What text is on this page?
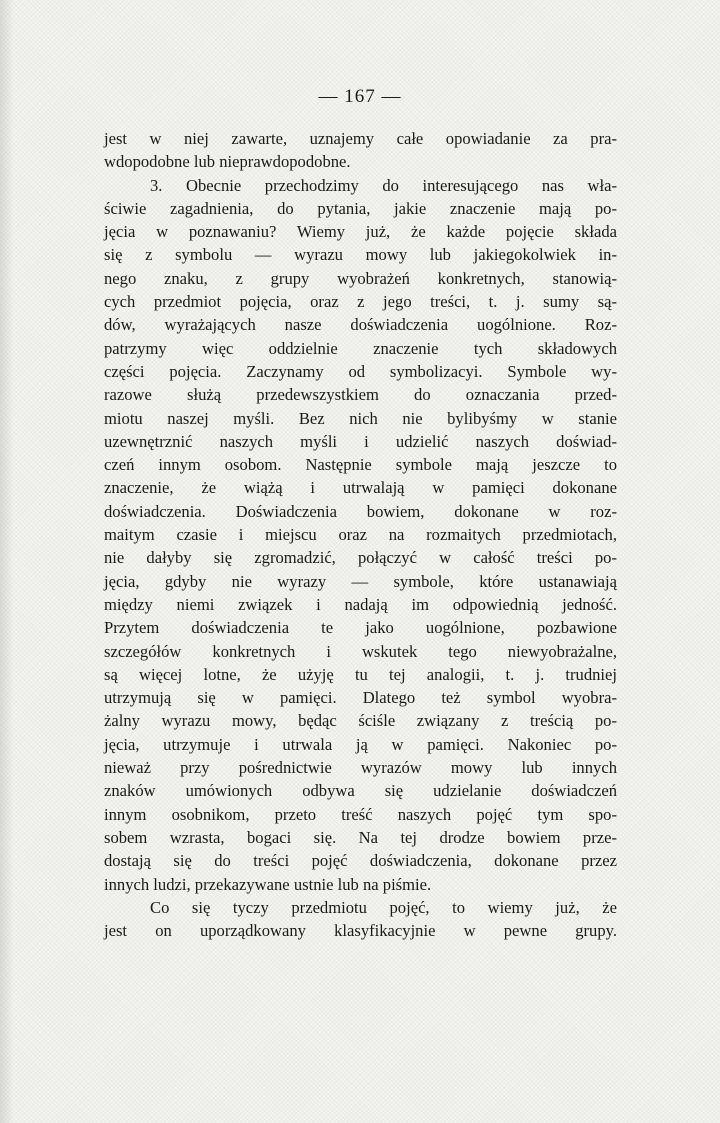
— 167 —
jest w niej zawarte, uznajemy całe opowiadanie za pra-
wdopodobne lub nieprawdopodobne.
3. Obecnie przechodzimy do interesującego nas wła-
ściwie zagadnienia, do pytania, jakie znaczenie mają po-
jęcia w poznawaniu? Wiemy już, że każde pojęcie składa
się z symbolu — wyrazu mowy lub jakiegokolwiek in-
nego znaku, z grupy wyobrażeń konkretnych, stanowią-
cych przedmiot pojęcia, oraz z jego treści, t. j. sumy są-
dów, wyrażających nasze doświadczenia uogólnione. Roz-
patrzymy więc oddzielnie znaczenie tych składowych
części pojęcia. Zaczynamy od symbolizacyi. Symbole wy-
razowe służą przedewszystkiem do oznaczania przed-
miotu naszej myśli. Bez nich nie bylibyśmy w stanie
uzewnętrznić naszych myśli i udzielić naszych doświad-
czeń innym osobom. Następnie symbole mają jeszcze to
znaczenie, że wiążą i utrwalają w pamięci dokonane
doświadczenia. Doświadczenia bowiem, dokonane w roz-
maitym czasie i miejscu oraz na rozmaitych przedmiotach,
nie dałyby się zgromadzić, połączyć w całość treści po-
jęcia, gdyby nie wyrazy — symbole, które ustanawiają
między niemi związek i nadają im odpowiednią jedność.
Przytem doświadczenia te jako uogólnione, pozbawione
szczegółów konkretnych i wskutek tego niewyobrażalne,
są więcej lotne, że użyję tu tej analogii, t. j. trudniej
utrzymują się w pamięci. Dlatego też symbol wyobra-
żalny wyrazu mowy, będąc ściśle związany z treścią po-
jęcia, utrzymuje i utrwala ją w pamięci. Nakoniec po-
nieważ przy pośrednictwie wyrazów mowy lub innych
znaków umówionych odbywa się udzielanie doświadczeń
innym osobnikom, przeto treść naszych pojęć tym spo-
sobem wzrasta, bogaci się. Na tej drodze bowiem prze-
dostają się do treści pojęć doświadczenia, dokonane przez
innych ludzi, przekazywane ustnie lub na piśmie.
Co się tyczy przedmiotu pojęć, to wiemy już, że
jest on uporządkowany klasyfikacyjnie w pewne grupy.
